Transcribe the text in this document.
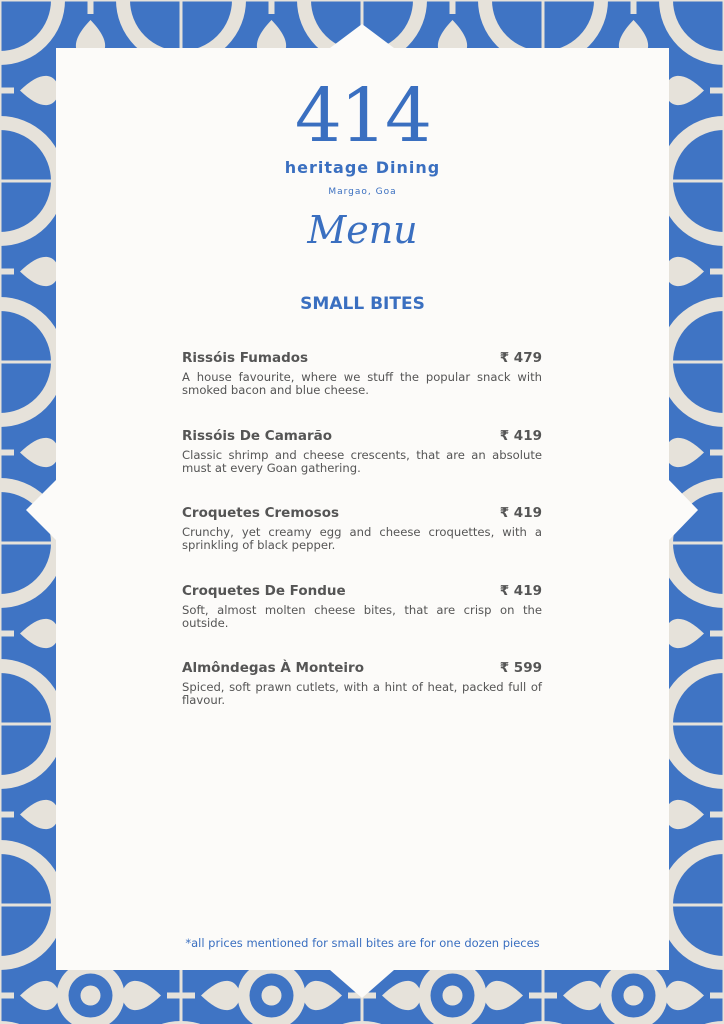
414
heritage Dining
Margao, Goa
Menu
SMALL BITES
Rissóis Fumados	₹ 479
A house favourite, where we stuff the popular snack with smoked bacon and blue cheese.
Rissóis De Camarão	₹ 419
Classic shrimp and cheese crescents, that are an absolute must at every Goan gathering.
Croquetes Cremosos	₹ 419
Crunchy, yet creamy egg and cheese croquettes, with a sprinkling of black pepper.
Croquetes De Fondue	₹ 419
Soft, almost molten cheese bites, that are crisp on the outside.
Almôndegas À Monteiro	₹ 599
Spiced, soft prawn cutlets, with a hint of heat, packed full of flavour.
*all prices mentioned for small bites are for one dozen pieces
